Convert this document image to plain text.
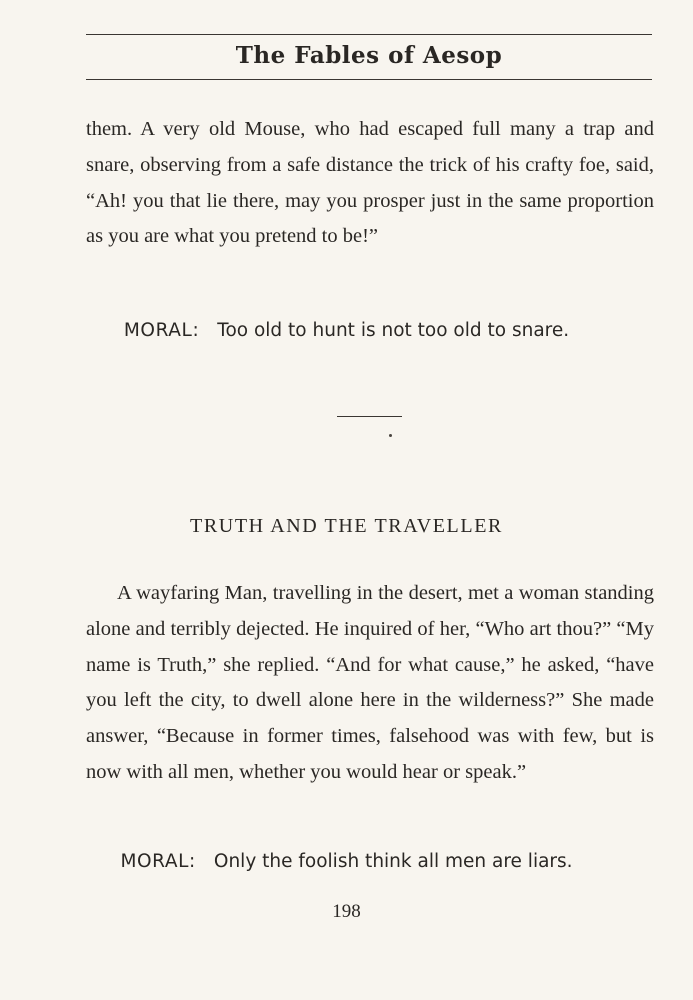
The Fables of Aesop

them. A very old Mouse, who had escaped full many a trap and snare, observing from a safe distance the trick of his crafty foe, said, “Ah! you that lie there, may you prosper just in the same proportion as you are what you pretend to be!”

MORAL: Too old to hunt is not too old to snare.
TRUTH AND THE TRAVELLER

A wayfaring Man, travelling in the desert, met a woman standing alone and terribly dejected. He inquired of her, “Who art thou?” “My name is Truth,” she replied. “And for what cause,” he asked, “have you left the city, to dwell alone here in the wilderness?” She made answer, “Because in former times, falsehood was with few, but is now with all men, whether you would hear or speak.”

MORAL: Only the foolish think all men are liars.
198
